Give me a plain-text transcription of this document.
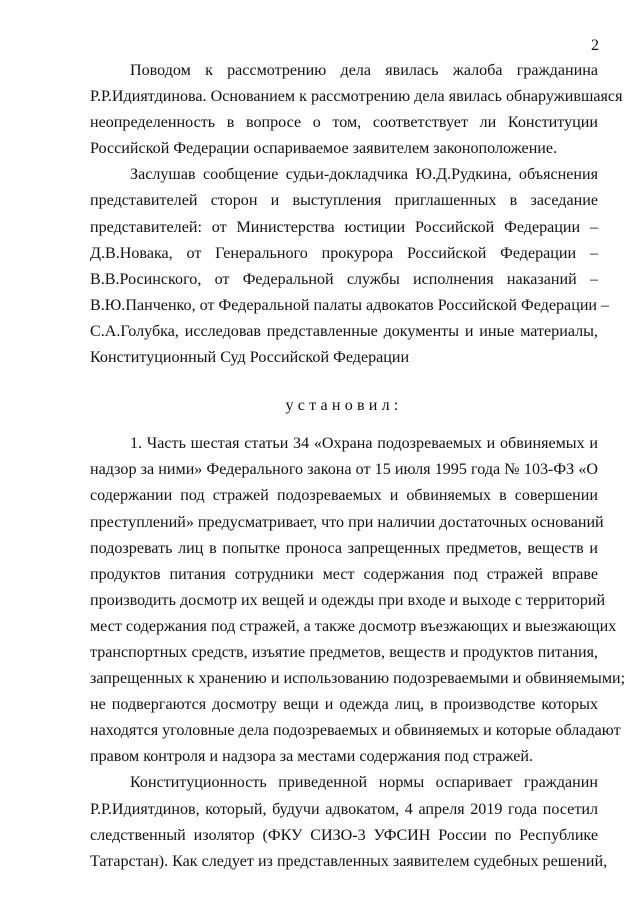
2
Поводом к рассмотрению дела явилась жалоба гражданина
Р.Р.Идиятдинова. Основанием к рассмотрению дела явилась обнаружившаяся
неопределенность в вопросе о том, соответствует ли Конституции
Российской Федерации оспариваемое заявителем законоположение.
Заслушав сообщение судьи-докладчика Ю.Д.Рудкина, объяснения
представителей сторон и выступления приглашенных в заседание
представителей: от Министерства юстиции Российской Федерации –
Д.В.Новака, от Генерального прокурора Российской Федерации –
В.В.Росинского, от Федеральной службы исполнения наказаний –
В.Ю.Панченко, от Федеральной палаты адвокатов Российской Федерации –
С.А.Голубка, исследовав представленные документы и иные материалы,
Конституционный Суд Российской Федерации
установил:
1. Часть шестая статьи 34 «Охрана подозреваемых и обвиняемых и
надзор за ними» Федерального закона от 15 июля 1995 года № 103-ФЗ «О
содержании под стражей подозреваемых и обвиняемых в совершении
преступлений» предусматривает, что при наличии достаточных оснований
подозревать лиц в попытке проноса запрещенных предметов, веществ и
продуктов питания сотрудники мест содержания под стражей вправе
производить досмотр их вещей и одежды при входе и выходе с территорий
мест содержания под стражей, а также досмотр въезжающих и выезжающих
транспортных средств, изъятие предметов, веществ и продуктов питания,
запрещенных к хранению и использованию подозреваемыми и обвиняемыми;
не подвергаются досмотру вещи и одежда лиц, в производстве которых
находятся уголовные дела подозреваемых и обвиняемых и которые обладают
правом контроля и надзора за местами содержания под стражей.
Конституционность приведенной нормы оспаривает гражданин
Р.Р.Идиятдинов, который, будучи адвокатом, 4 апреля 2019 года посетил
следственный изолятор (ФКУ СИЗО-3 УФСИН России по Республике
Татарстан). Как следует из представленных заявителем судебных решений,
